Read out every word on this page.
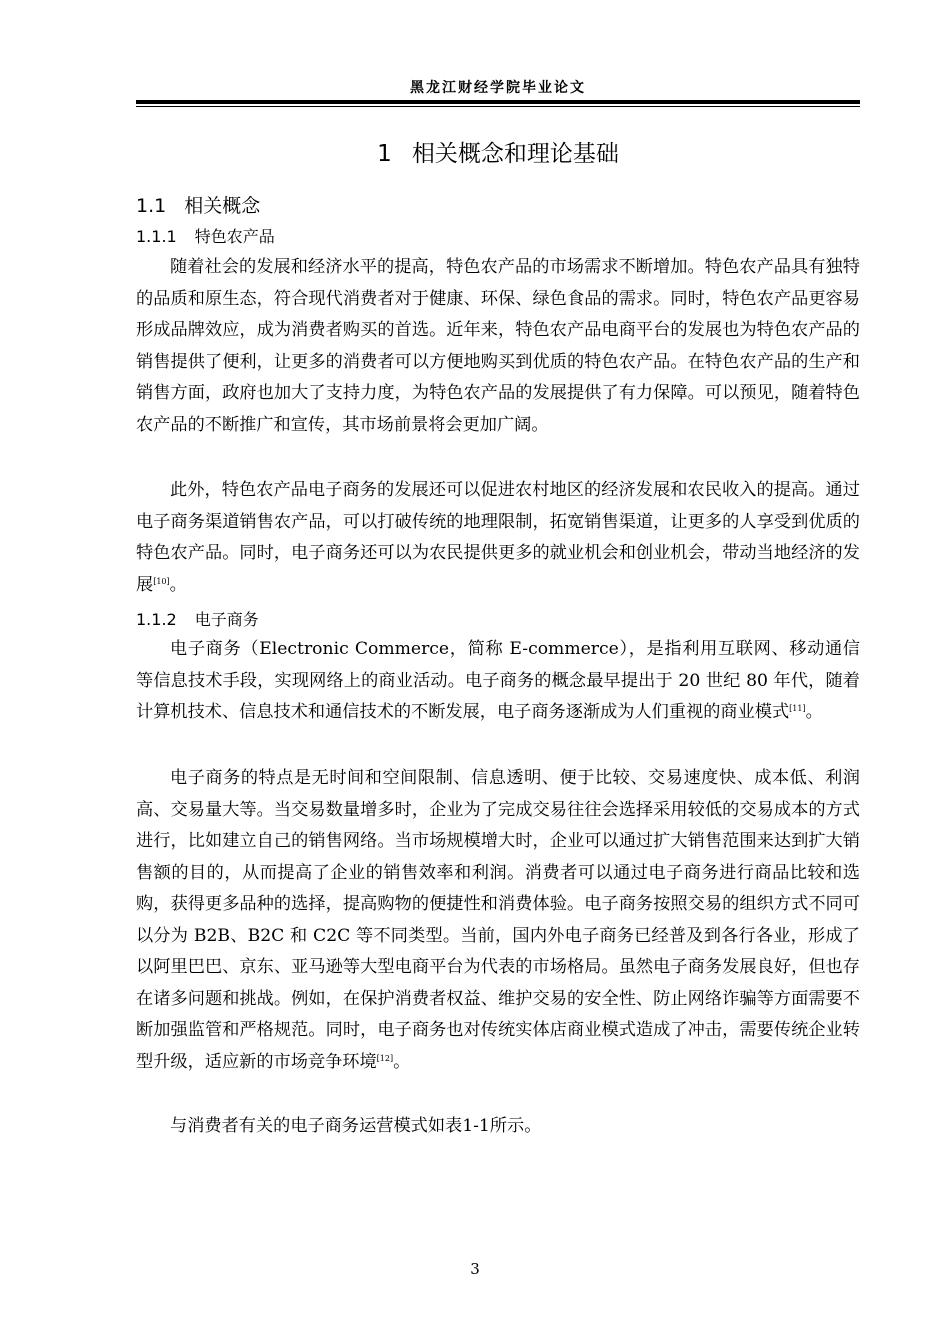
黑龙江财经学院毕业论文
1 相关概念和理论基础
1.1 相关概念
1.1.1 特色农产品

随着社会的发展和经济水平的提高，特色农产品的市场需求不断增加。特色农产品具有独特的品质和原生态，符合现代消费者对于健康、环保、绿色食品的需求。同时，特色农产品更容易形成品牌效应，成为消费者购买的首选。近年来，特色农产品电商平台的发展也为特色农产品的销售提供了便利，让更多的消费者可以方便地购买到优质的特色农产品。在特色农产品的生产和销售方面，政府也加大了支持力度，为特色农产品的发展提供了有力保障。可以预见，随着特色农产品的不断推广和宣传，其市场前景将会更加广阔。

此外，特色农产品电子商务的发展还可以促进农村地区的经济发展和农民收入的提高。通过电子商务渠道销售农产品，可以打破传统的地理限制，拓宽销售渠道，让更多的人享受到优质的特色农产品。同时，电子商务还可以为农民提供更多的就业机会和创业机会，带动当地经济的发展[10]。

1.1.2 电子商务

电子商务（Electronic Commerce，简称 E-commerce），是指利用互联网、移动通信等信息技术手段，实现网络上的商业活动。电子商务的概念最早提出于 20 世纪 80 年代，随着计算机技术、信息技术和通信技术的不断发展，电子商务逐渐成为人们重视的商业模式[11]。

电子商务的特点是无时间和空间限制、信息透明、便于比较、交易速度快、成本低、利润高、交易量大等。当交易数量增多时，企业为了完成交易往往会选择采用较低的交易成本的方式进行，比如建立自己的销售网络。当市场规模增大时，企业可以通过扩大销售范围来达到扩大销售额的目的，从而提高了企业的销售效率和利润。消费者可以通过电子商务进行商品比较和选购，获得更多品种的选择，提高购物的便捷性和消费体验。电子商务按照交易的组织方式不同可以分为 B2B、B2C 和 C2C 等不同类型。当前，国内外电子商务已经普及到各行各业，形成了以阿里巴巴、京东、亚马逊等大型电商平台为代表的市场格局。虽然电子商务发展良好，但也存在诸多问题和挑战。例如，在保护消费者权益、维护交易的安全性、防止网络诈骗等方面需要不断加强监管和严格规范。同时，电子商务也对传统实体店商业模式造成了冲击，需要传统企业转型升级，适应新的市场竞争环境[12]。

与消费者有关的电子商务运营模式如表1-1所示。

3
